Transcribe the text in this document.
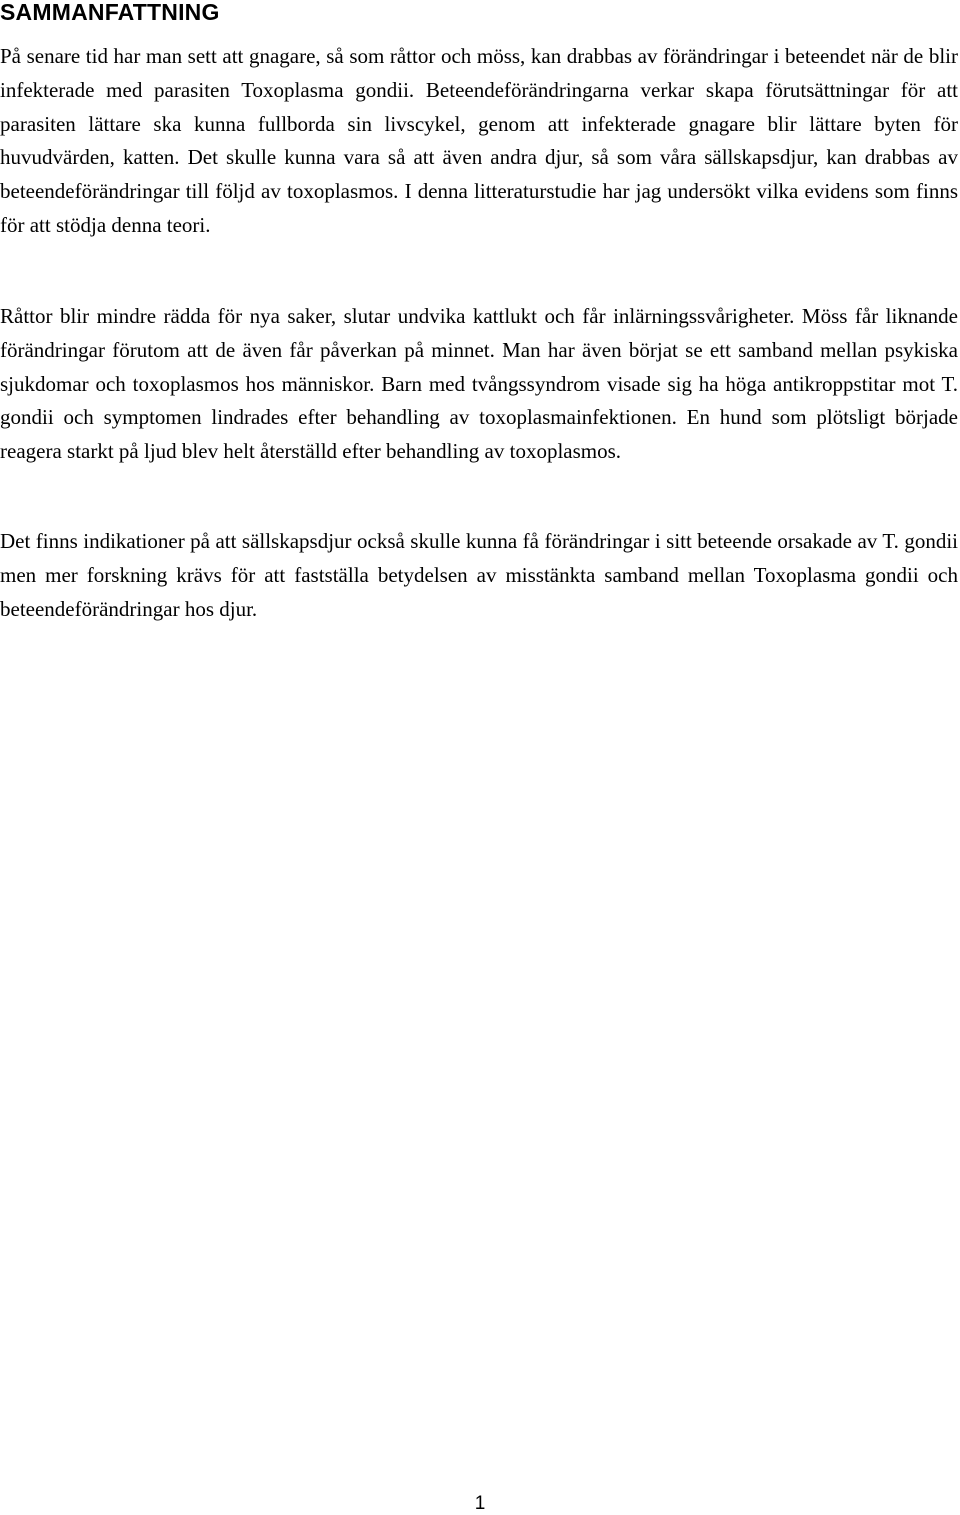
SAMMANFATTNING

På senare tid har man sett att gnagare, så som råttor och möss, kan drabbas av förändringar i beteendet när de blir infekterade med parasiten Toxoplasma gondii. Beteendeförändringarna verkar skapa förutsättningar för att parasiten lättare ska kunna fullborda sin livscykel, genom att infekterade gnagare blir lättare byten för huvudvärden, katten. Det skulle kunna vara så att även andra djur, så som våra sällskapsdjur, kan drabbas av beteendeförändringar till följd av toxoplasmos. I denna litteraturstudie har jag undersökt vilka evidens som finns för att stödja denna teori.

Råttor blir mindre rädda för nya saker, slutar undvika kattlukt och får inlärningssvårigheter. Möss får liknande förändringar förutom att de även får påverkan på minnet. Man har även börjat se ett samband mellan psykiska sjukdomar och toxoplasmos hos människor. Barn med tvångssyndrom visade sig ha höga antikroppstitar mot T. gondii och symptomen lindrades efter behandling av toxoplasmainfektionen. En hund som plötsligt började reagera starkt på ljud blev helt återställd efter behandling av toxoplasmos.

Det finns indikationer på att sällskapsdjur också skulle kunna få förändringar i sitt beteende orsakade av T. gondii men mer forskning krävs för att fastställa betydelsen av misstänkta samband mellan Toxoplasma gondii och beteendeförändringar hos djur.

1
